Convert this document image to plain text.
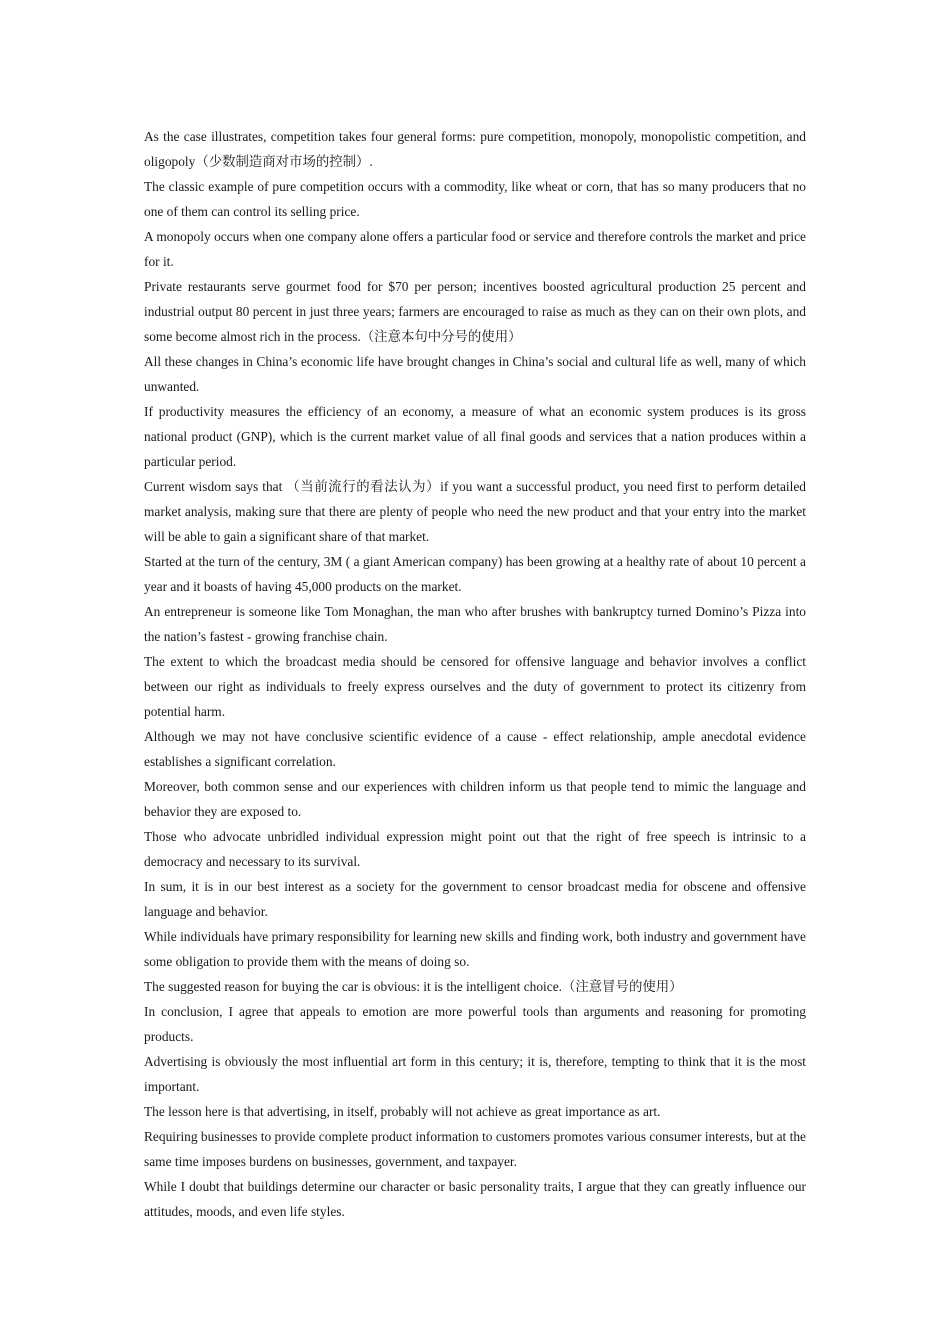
As the case illustrates, competition takes four general forms: pure competition, monopoly, monopolistic competition, and oligopoly（少数制造商对市场的控制）.

The classic example of pure competition occurs with a commodity, like wheat or corn, that has so many producers that no one of them can control its selling price.

A monopoly occurs when one company alone offers a particular food or service and therefore controls the market and price for it.

Private restaurants serve gourmet food for $70 per person; incentives boosted agricultural production 25 percent and industrial output 80 percent in just three years; farmers are encouraged to raise as much as they can on their own plots, and some become almost rich in the process.（注意本句中分号的使用）

All these changes in China’s economic life have brought changes in China’s social and cultural life as well, many of which unwanted.

If productivity measures the efficiency of an economy, a measure of what an economic system produces is its gross national product (GNP), which is the current market value of all final goods and services that a nation produces within a particular period.

Current wisdom says that （当前流行的看法认为）if you want a successful product, you need first to perform detailed market analysis, making sure that there are plenty of people who need the new product and that your entry into the market will be able to gain a significant share of that market.

Started at the turn of the century, 3M ( a giant American company) has been growing at a healthy rate of about 10 percent a year and it boasts of having 45,000 products on the market.

An entrepreneur is someone like Tom Monaghan, the man who after brushes with bankruptcy turned Domino’s Pizza into the nation’s fastest - growing franchise chain.

The extent to which the broadcast media should be censored for offensive language and behavior involves a conflict between our right as individuals to freely express ourselves and the duty of government to protect its citizenry from potential harm.

Although we may not have conclusive scientific evidence of a cause - effect relationship, ample anecdotal evidence establishes a significant correlation.

Moreover, both common sense and our experiences with children inform us that people tend to mimic the language and behavior they are exposed to.

Those who advocate unbridled individual expression might point out that the right of free speech is intrinsic to a democracy and necessary to its survival.

In sum, it is in our best interest as a society for the government to censor broadcast media for obscene and offensive language and behavior.

While individuals have primary responsibility for learning new skills and finding work, both industry and government have some obligation to provide them with the means of doing so.

The suggested reason for buying the car is obvious: it is the intelligent choice.（注意冒号的使用）

In conclusion, I agree that appeals to emotion are more powerful tools than arguments and reasoning for promoting products.

Advertising is obviously the most influential art form in this century; it is, therefore, tempting to think that it is the most important.

The lesson here is that advertising, in itself, probably will not achieve as great importance as art.

Requiring businesses to provide complete product information to customers promotes various consumer interests, but at the same time imposes burdens on businesses, government, and taxpayer.

While I doubt that buildings determine our character or basic personality traits, I argue that they can greatly influence our attitudes, moods, and even life styles.
